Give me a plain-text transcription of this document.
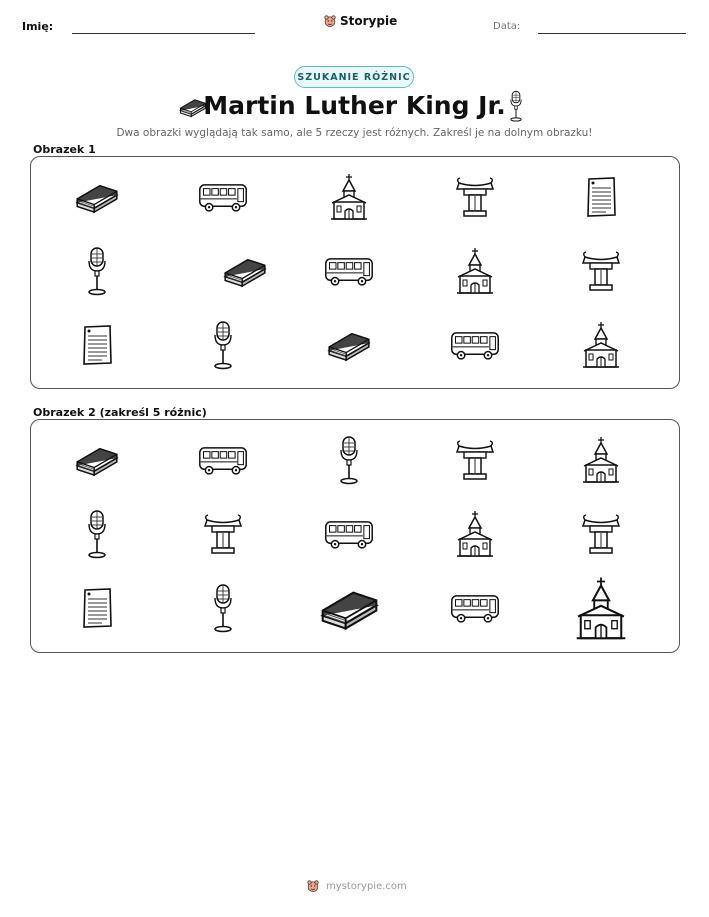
Imię:	Storypie	Data:
SZUKANIE RÓŻNIC
Martin Luther King Jr.
Dwa obrazki wyglądają tak samo, ale 5 rzeczy jest różnych. Zakreśl je na dolnym obrazku!
Obrazek 1
Obrazek 2 (zakreśl 5 różnic)
mystorypie.com
